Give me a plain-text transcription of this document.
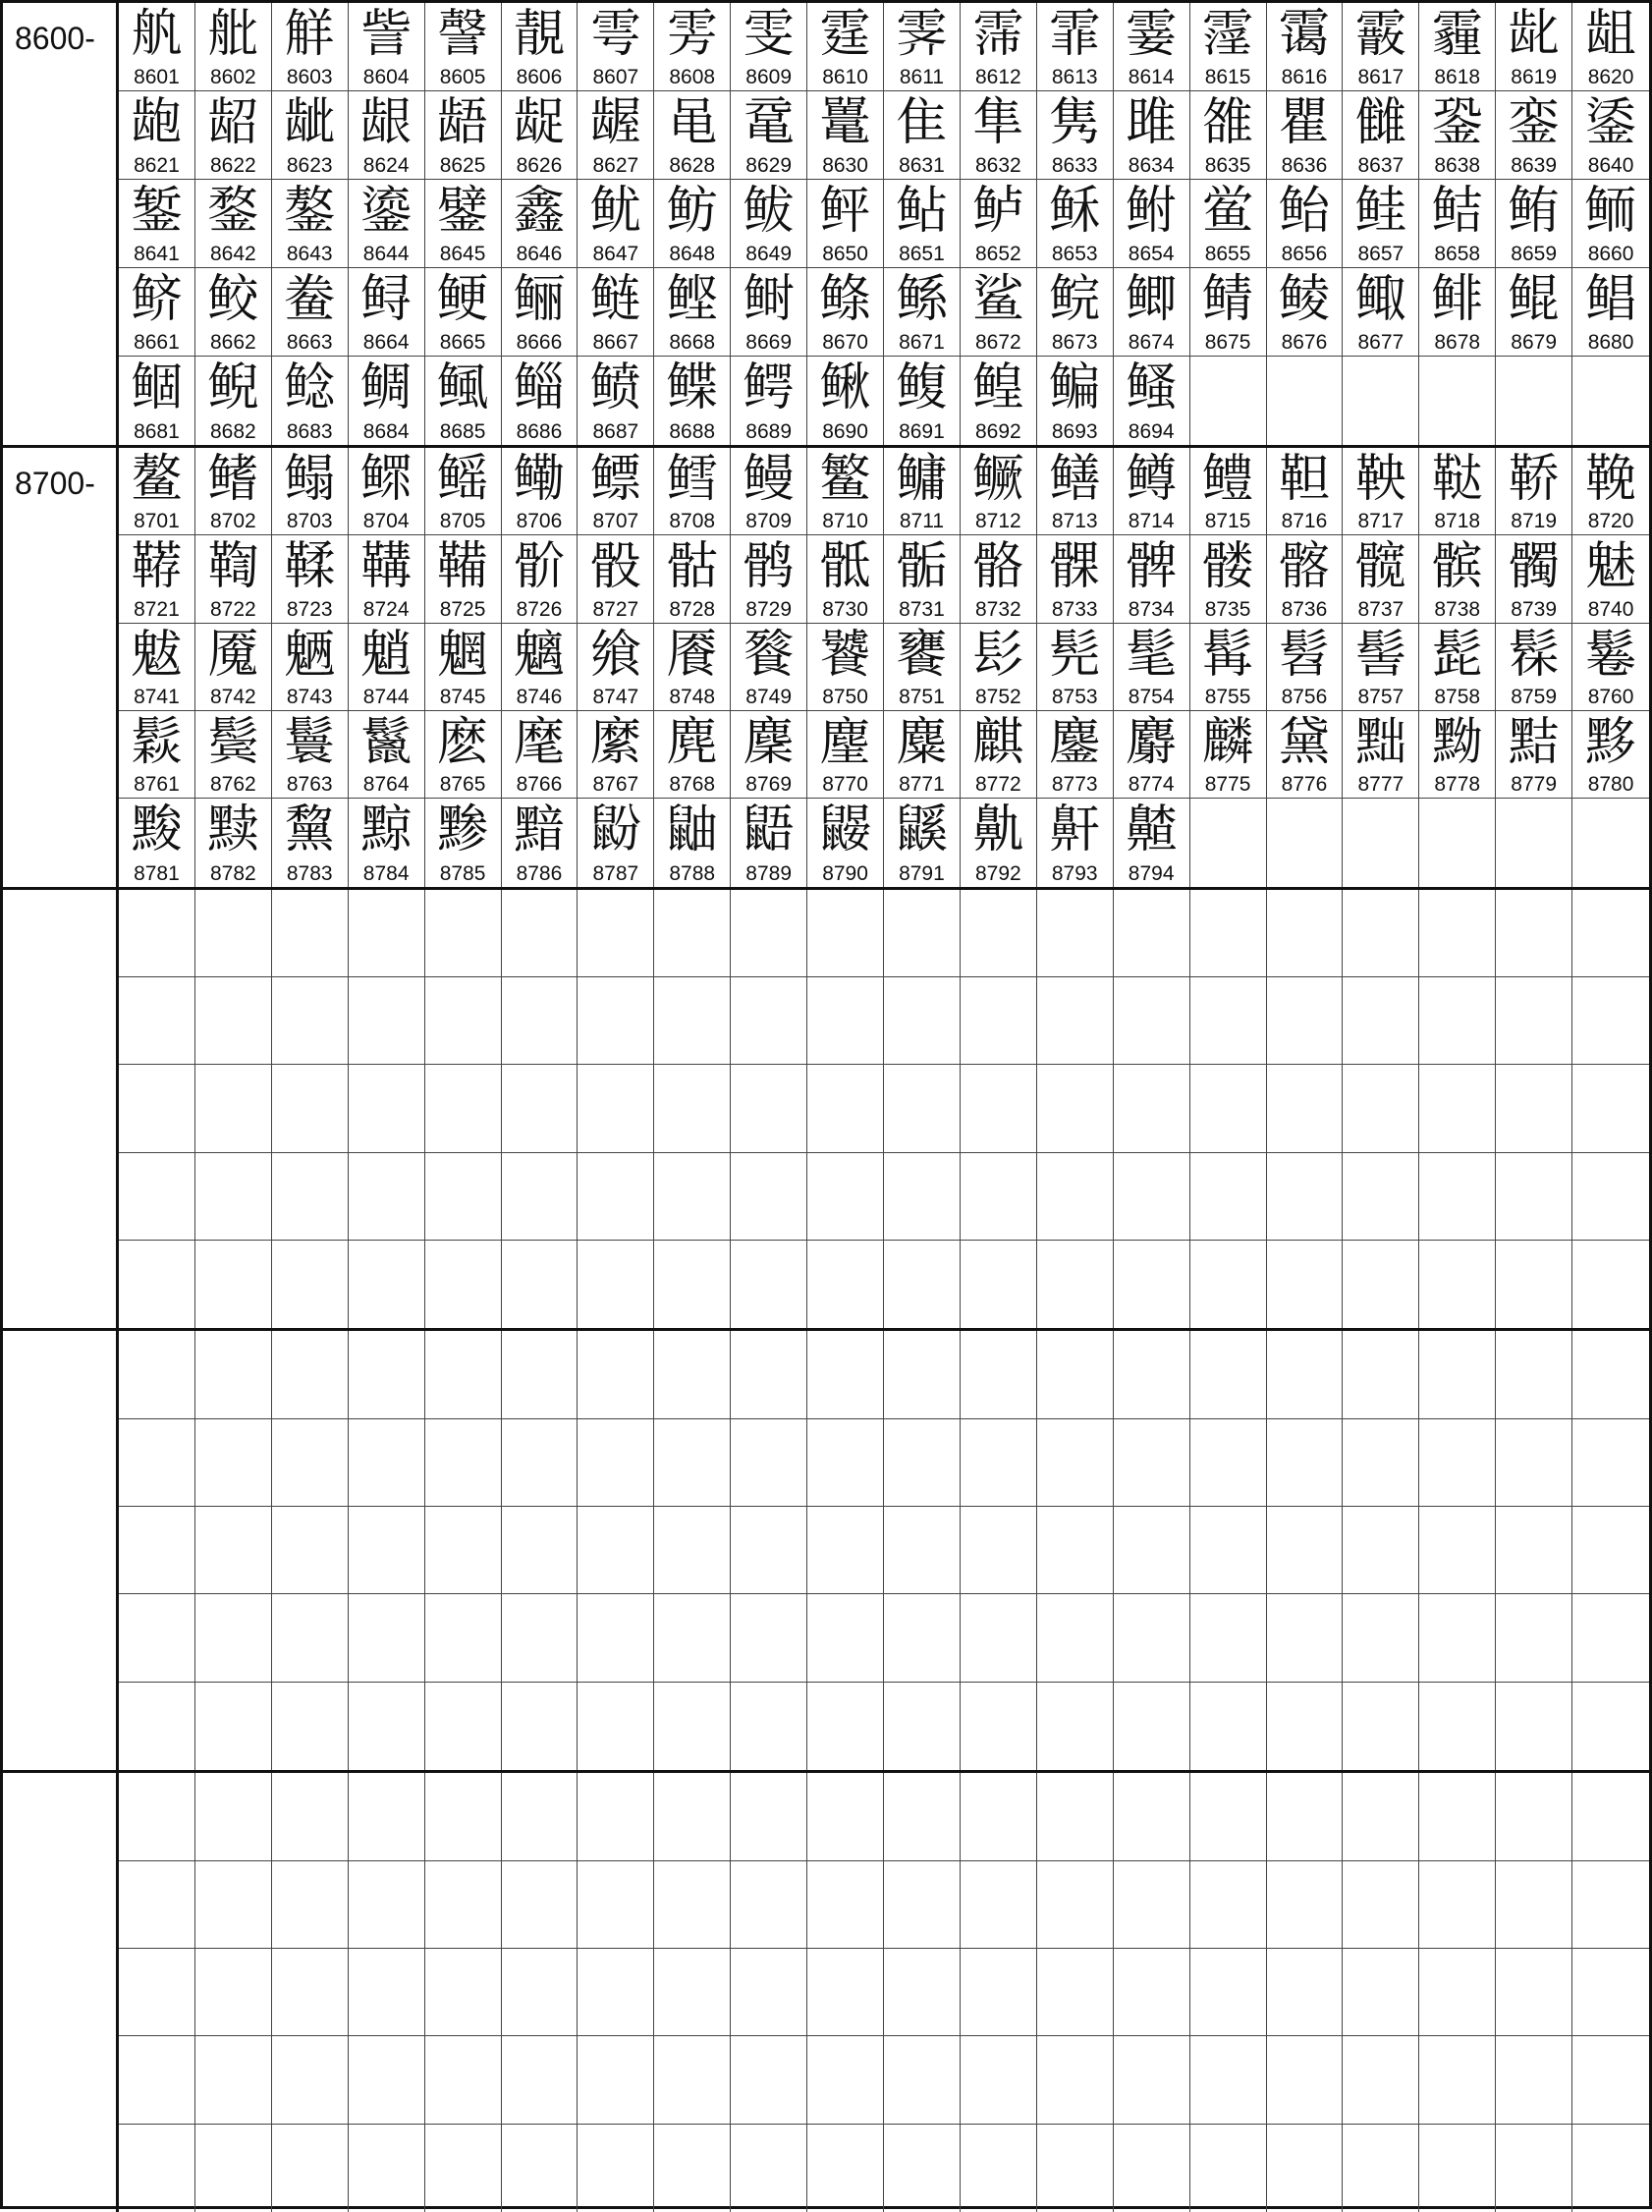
8600- 舧
8601
舭
8602
觧
8603
訾
8604
謦
8605
靚
8606
雩
8607
雱
8608
雯
8609
霆
8610
霁
8611
霈
8612
霏
8613
霎
8614
霪
8615
霭
8616
霰
8617
霾
8618
龀
8619
龃
8620
龅
8621
龆
8622
龇
8623
龈
8624
龉
8625
龊
8626
龌
8627
黾
8628
鼋
8629
鼍
8630
隹
8631
隼
8632
隽
8633
雎
8634
雒
8635
瞿
8636
雠
8637
銎
8638
銮
8639
鋈
8640
錾
8641
鍪
8642
鏊
8643
鎏
8644
鐾
8645
鑫
8646
鱿
8647
鲂
8648
鲅
8649
鲆
8650
鲇
8651
鲈
8652
稣
8653
鲋
8654
鲎
8655
鲐
8656
鲑
8657
鲒
8658
鲔
8659
鲕
8660
鲚
8661
鲛
8662
鲞
8663
鲟
8664
鲠
8665
鲡
8666
鲢
8667
鲣
8668
鲥
8669
鲦
8670
鲧
8671
鲨
8672
鲩
8673
鲫
8674
鲭
8675
鲮
8676
鲰
8677
鲱
8678
鲲
8679
鲳
8680
鲴
8681
鲵
8682
鲶
8683
鲷
8684
鲺
8685
鲻
8686
鲼
8687
鲽
8688
鳄
8689
鳅
8690
鳆
8691
鳇
8692
鳊
8693
鳋
8694
8700- 鳌
8701
鳍
8702
鳎
8703
鳏
8704
鳐
8705
鳓
8706
鳔
8707
鳕
8708
鳗
8709
鳘
8710
鳙
8711
鳜
8712
鳝
8713
鳟
8714
鳢
8715
靼
8716
鞅
8717
鞑
8718
鞒
8719
鞔
8720
鞯
8721
鞫
8722
鞣
8723
鞲
8724
鞴
8725
骱
8726
骰
8727
骷
8728
鹘
8729
骶
8730
骺
8731
骼
8732
髁
8733
髀
8734
髅
8735
髂
8736
髋
8737
髌
8738
髑
8739
魅
8740
魃
8741
魇
8742
魉
8743
魈
8744
魍
8745
魑
8746
飨
8747
餍
8748
餮
8749
饕
8750
饔
8751
髟
8752
髡
8753
髦
8754
髯
8755
髫
8756
髻
8757
髭
8758
髹
8759
鬈
8760
鬏
8761
鬓
8762
鬟
8763
鬣
8764
麽
8765
麾
8766
縻
8767
麂
8768
麇
8769
麈
8770
麋
8771
麒
8772
鏖
8773
麝
8774
麟
8775
黛
8776
黜
8777
黝
8778
黠
8779
黟
8780
黢
8781
黩
8782
黧
8783
黥
8784
黪
8785
黯
8786
鼢
8787
鼬
8788
鼯
8789
鼹
8790
鼷
8791
鼽
8792
鼾
8793
齄
8794
